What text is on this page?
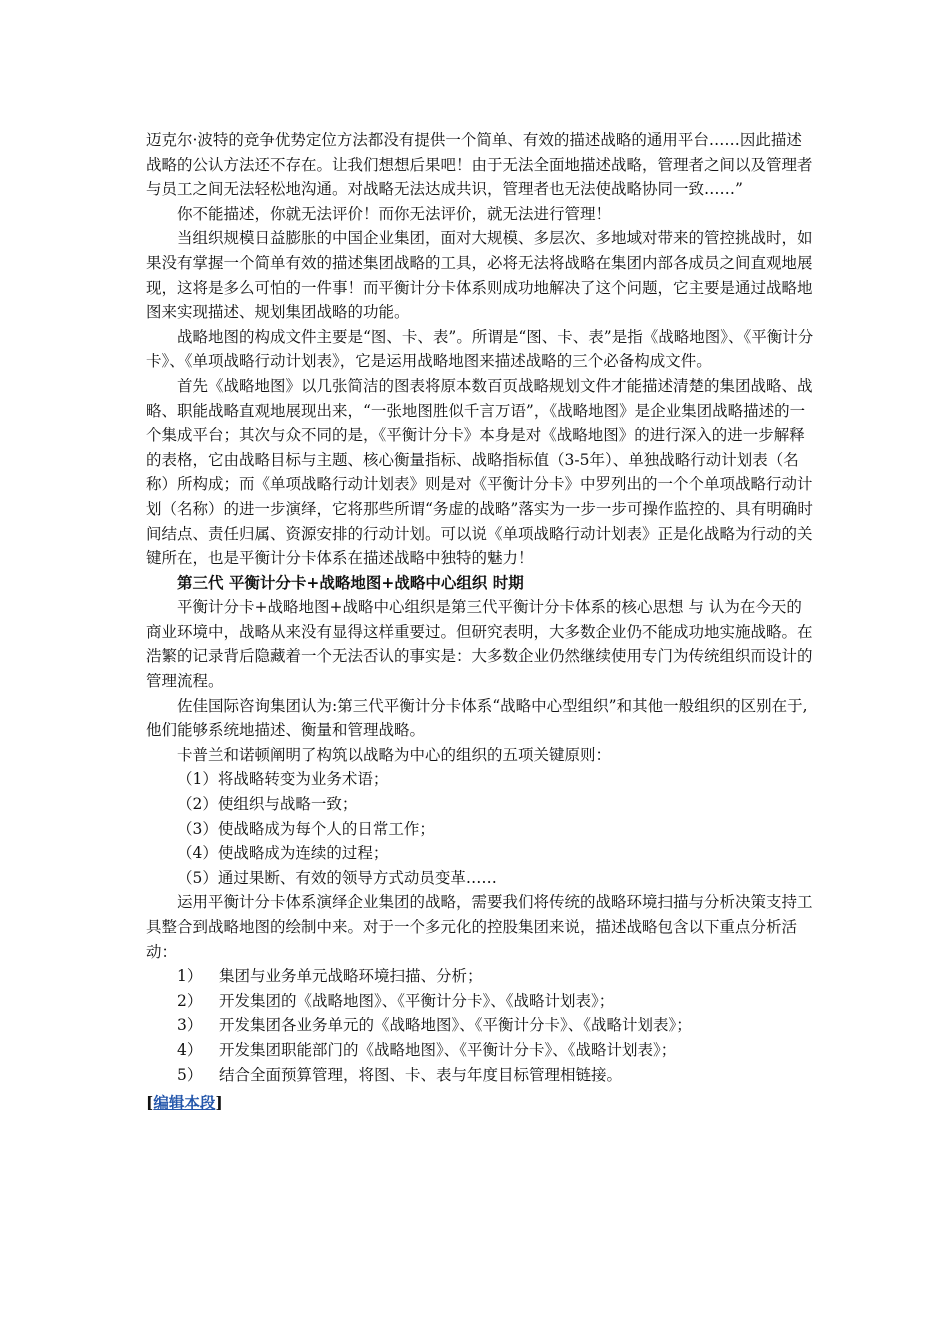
迈克尔·波特的竞争优势定位方法都没有提供一个简单、有效的描述战略的通用平台……因此描述战略的公认方法还不存在。让我们想想后果吧！由于无法全面地描述战略，管理者之间以及管理者与员工之间无法轻松地沟通。对战略无法达成共识，管理者也无法使战略协同一致……”

你不能描述，你就无法评价！而你无法评价，就无法进行管理！

当组织规模日益膨胀的中国企业集团，面对大规模、多层次、多地域对带来的管控挑战时，如果没有掌握一个简单有效的描述集团战略的工具，必将无法将战略在集团内部各成员之间直观地展现，这将是多么可怕的一件事！而平衡计分卡体系则成功地解决了这个问题，它主要是通过战略地图来实现描述、规划集团战略的功能。

战略地图的构成文件主要是“图、卡、表”。所谓是“图、卡、表”是指《战略地图》、《平衡计分卡》、《单项战略行动计划表》，它是运用战略地图来描述战略的三个必备构成文件。

首先《战略地图》以几张简洁的图表将原本数百页战略规划文件才能描述清楚的集团战略、战略、职能战略直观地展现出来，“一张地图胜似千言万语”，《战略地图》是企业集团战略描述的一个集成平台；其次与众不同的是，《平衡计分卡》本身是对《战略地图》的进行深入的进一步解释的表格，它由战略目标与主题、核心衡量指标、战略指标值（3-5年）、单独战略行动计划表（名称）所构成；而《单项战略行动计划表》则是对《平衡计分卡》中罗列出的一个个单项战略行动计划（名称）的进一步演绎，它将那些所谓“务虚的战略”落实为一步一步可操作监控的、具有明确时间结点、责任归属、资源安排的行动计划。可以说《单项战略行动计划表》正是化战略为行动的关键所在，也是平衡计分卡体系在描述战略中独特的魅力！

第三代 平衡计分卡+战略地图+战略中心组织 时期

平衡计分卡+战略地图+战略中心组织是第三代平衡计分卡体系的核心思想 与 认为在今天的商业环境中，战略从来没有显得这样重要过。但研究表明，大多数企业仍不能成功地实施战略。在浩繁的记录背后隐藏着一个无法否认的事实是：大多数企业仍然继续使用专门为传统组织而设计的管理流程。

佐佳国际咨询集团认为:第三代平衡计分卡体系“战略中心型组织”和其他一般组织的区别在于,他们能够系统地描述、衡量和管理战略。

卡普兰和诺顿阐明了构筑以战略为中心的组织的五项关键原则：

（1）将战略转变为业务术语；

（2）使组织与战略一致；

（3）使战略成为每个人的日常工作；

（4）使战略成为连续的过程；

（5）通过果断、有效的领导方式动员变革……

运用平衡计分卡体系演绎企业集团的战略，需要我们将传统的战略环境扫描与分析决策支持工具整合到战略地图的绘制中来。对于一个多元化的控股集团来说，描述战略包含以下重点分析活动：

1）	集团与业务单元战略环境扫描、分析；

2）	开发集团的《战略地图》、《平衡计分卡》、《战略计划表》；

3）	开发集团各业务单元的《战略地图》、《平衡计分卡》、《战略计划表》；

4）	开发集团职能部门的《战略地图》、《平衡计分卡》、《战略计划表》；

5）	结合全面预算管理，将图、卡、表与年度目标管理相链接。

[编辑本段]
